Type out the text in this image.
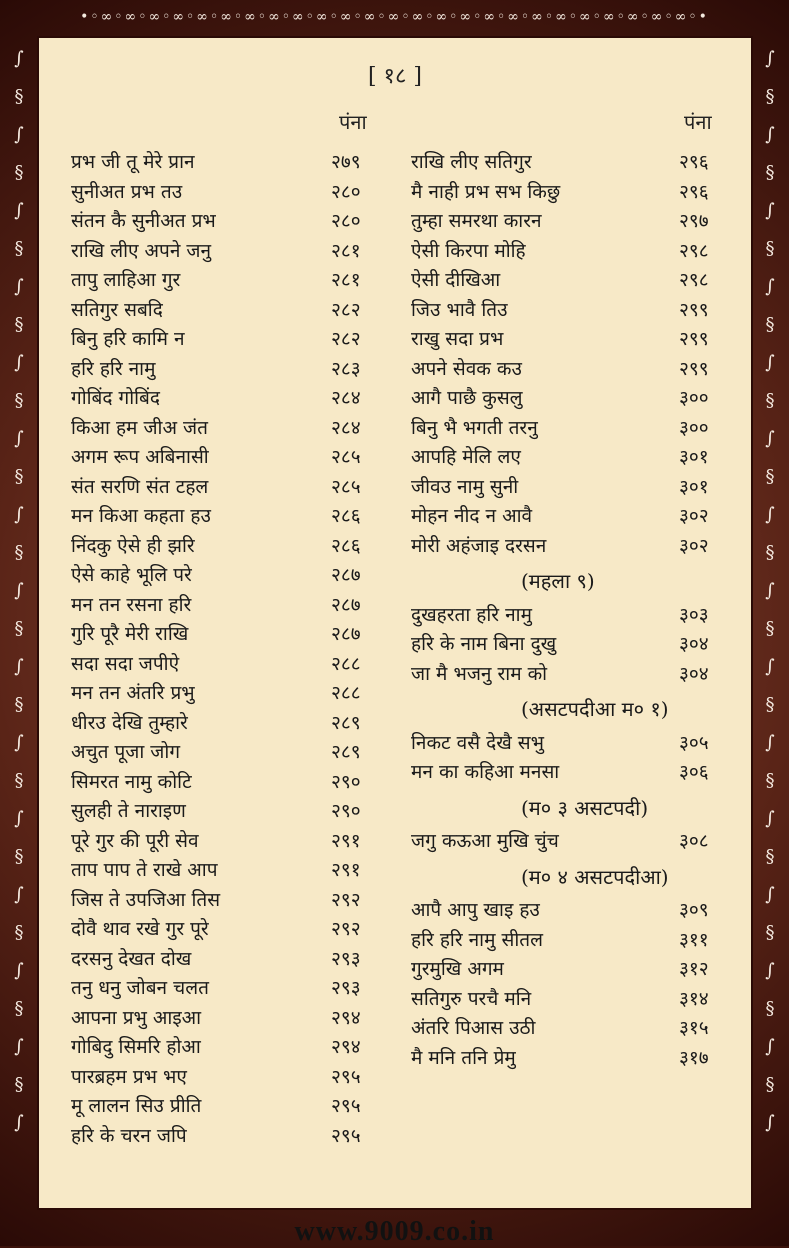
•◦∞◦∞◦∞◦∞◦∞◦∞◦∞◦∞◦∞◦∞◦∞◦∞◦∞◦∞◦∞◦∞◦∞◦∞◦∞◦∞◦∞◦∞◦∞◦∞◦∞◦•
∫
§
∫
§
∫
§
∫
§
∫
§
∫
§
∫
§
∫
§
∫
§
∫
§
∫
§
∫
§
∫
§
∫
§
∫
∫
§
∫
§
∫
§
∫
§
∫
§
∫
§
∫
§
∫
§
∫
§
∫
§
∫
§
∫
§
∫
§
∫
§
∫
[ १८ ]
पंना	पंना
प्रभ जी तू मेरे प्रान	२७९
सुनीअत प्रभ तउ	२८०
संतन कै सुनीअत प्रभ	२८०
राखि लीए अपने जनु	२८१
तापु लाहिआ गुर	२८१
सतिगुर सबदि	२८२
बिनु हरि कामि न	२८२
हरि हरि नामु	२८३
गोबिंद गोबिंद	२८४
किआ हम जीअ जंत	२८४
अगम रूप अबिनासी	२८५
संत सरणि संत टहल	२८५
मन किआ कहता हउ	२८६
निंदकु ऐसे ही झरि	२८६
ऐसे काहे भूलि परे	२८७
मन तन रसना हरि	२८७
गुरि पूरै मेरी राखि	२८७
सदा सदा जपीऐ	२८८
मन तन अंतरि प्रभु	२८८
धीरउ देखि तुम्हारे	२८९
अचुत पूजा जोग	२८९
सिमरत नामु कोटि	२९०
सुलही ते नाराइण	२९०
पूरे गुर की पूरी सेव	२९१
ताप पाप ते राखे आप	२९१
जिस ते उपजिआ तिस	२९२
दोवै थाव रखे गुर पूरे	२९२
दरसनु देखत दोख	२९३
तनु धनु जोबन चलत	२९३
आपना प्रभु आइआ	२९४
गोबिदु सिमरि होआ	२९४
पारब्रहम प्रभ भए	२९५
मू लालन सिउ प्रीति	२९५
हरि के चरन जपि	२९५
राखि लीए सतिगुर	२९६
मै नाही प्रभ सभ किछु	२९६
तुम्हा समरथा कारन	२९७
ऐसी किरपा मोहि	२९८
ऐसी दीखिआ	२९८
जिउ भावै तिउ	२९९
राखु सदा प्रभ	२९९
अपने सेवक कउ	२९९
आगै पाछै कुसलु	३००
बिनु भै भगती तरनु	३००
आपहि मेलि लए	३०१
जीवउ नामु सुनी	३०१
मोहन नीद न आवै	३०२
मोरी अहंजाइ दरसन	३०२
(महला ९)
दुखहरता हरि नामु	३०३
हरि के नाम बिना दुखु	३०४
जा मै भजनु राम को	३०४
(असटपदीआ म० १)
निकट वसै देखै सभु	३०५
मन का कहिआ मनसा	३०६
(म० ३ असटपदी)
जगु कऊआ मुखि चुंच	३०८
(म० ४ असटपदीआ)
आपै आपु खाइ हउ	३०९
हरि हरि नामु सीतल	३११
गुरमुखि अगम	३१२
सतिगुरु परचै मनि	३१४
अंतरि पिआस उठी	३१५
मै मनि तनि प्रेमु	३१७
www.9009.co.in
